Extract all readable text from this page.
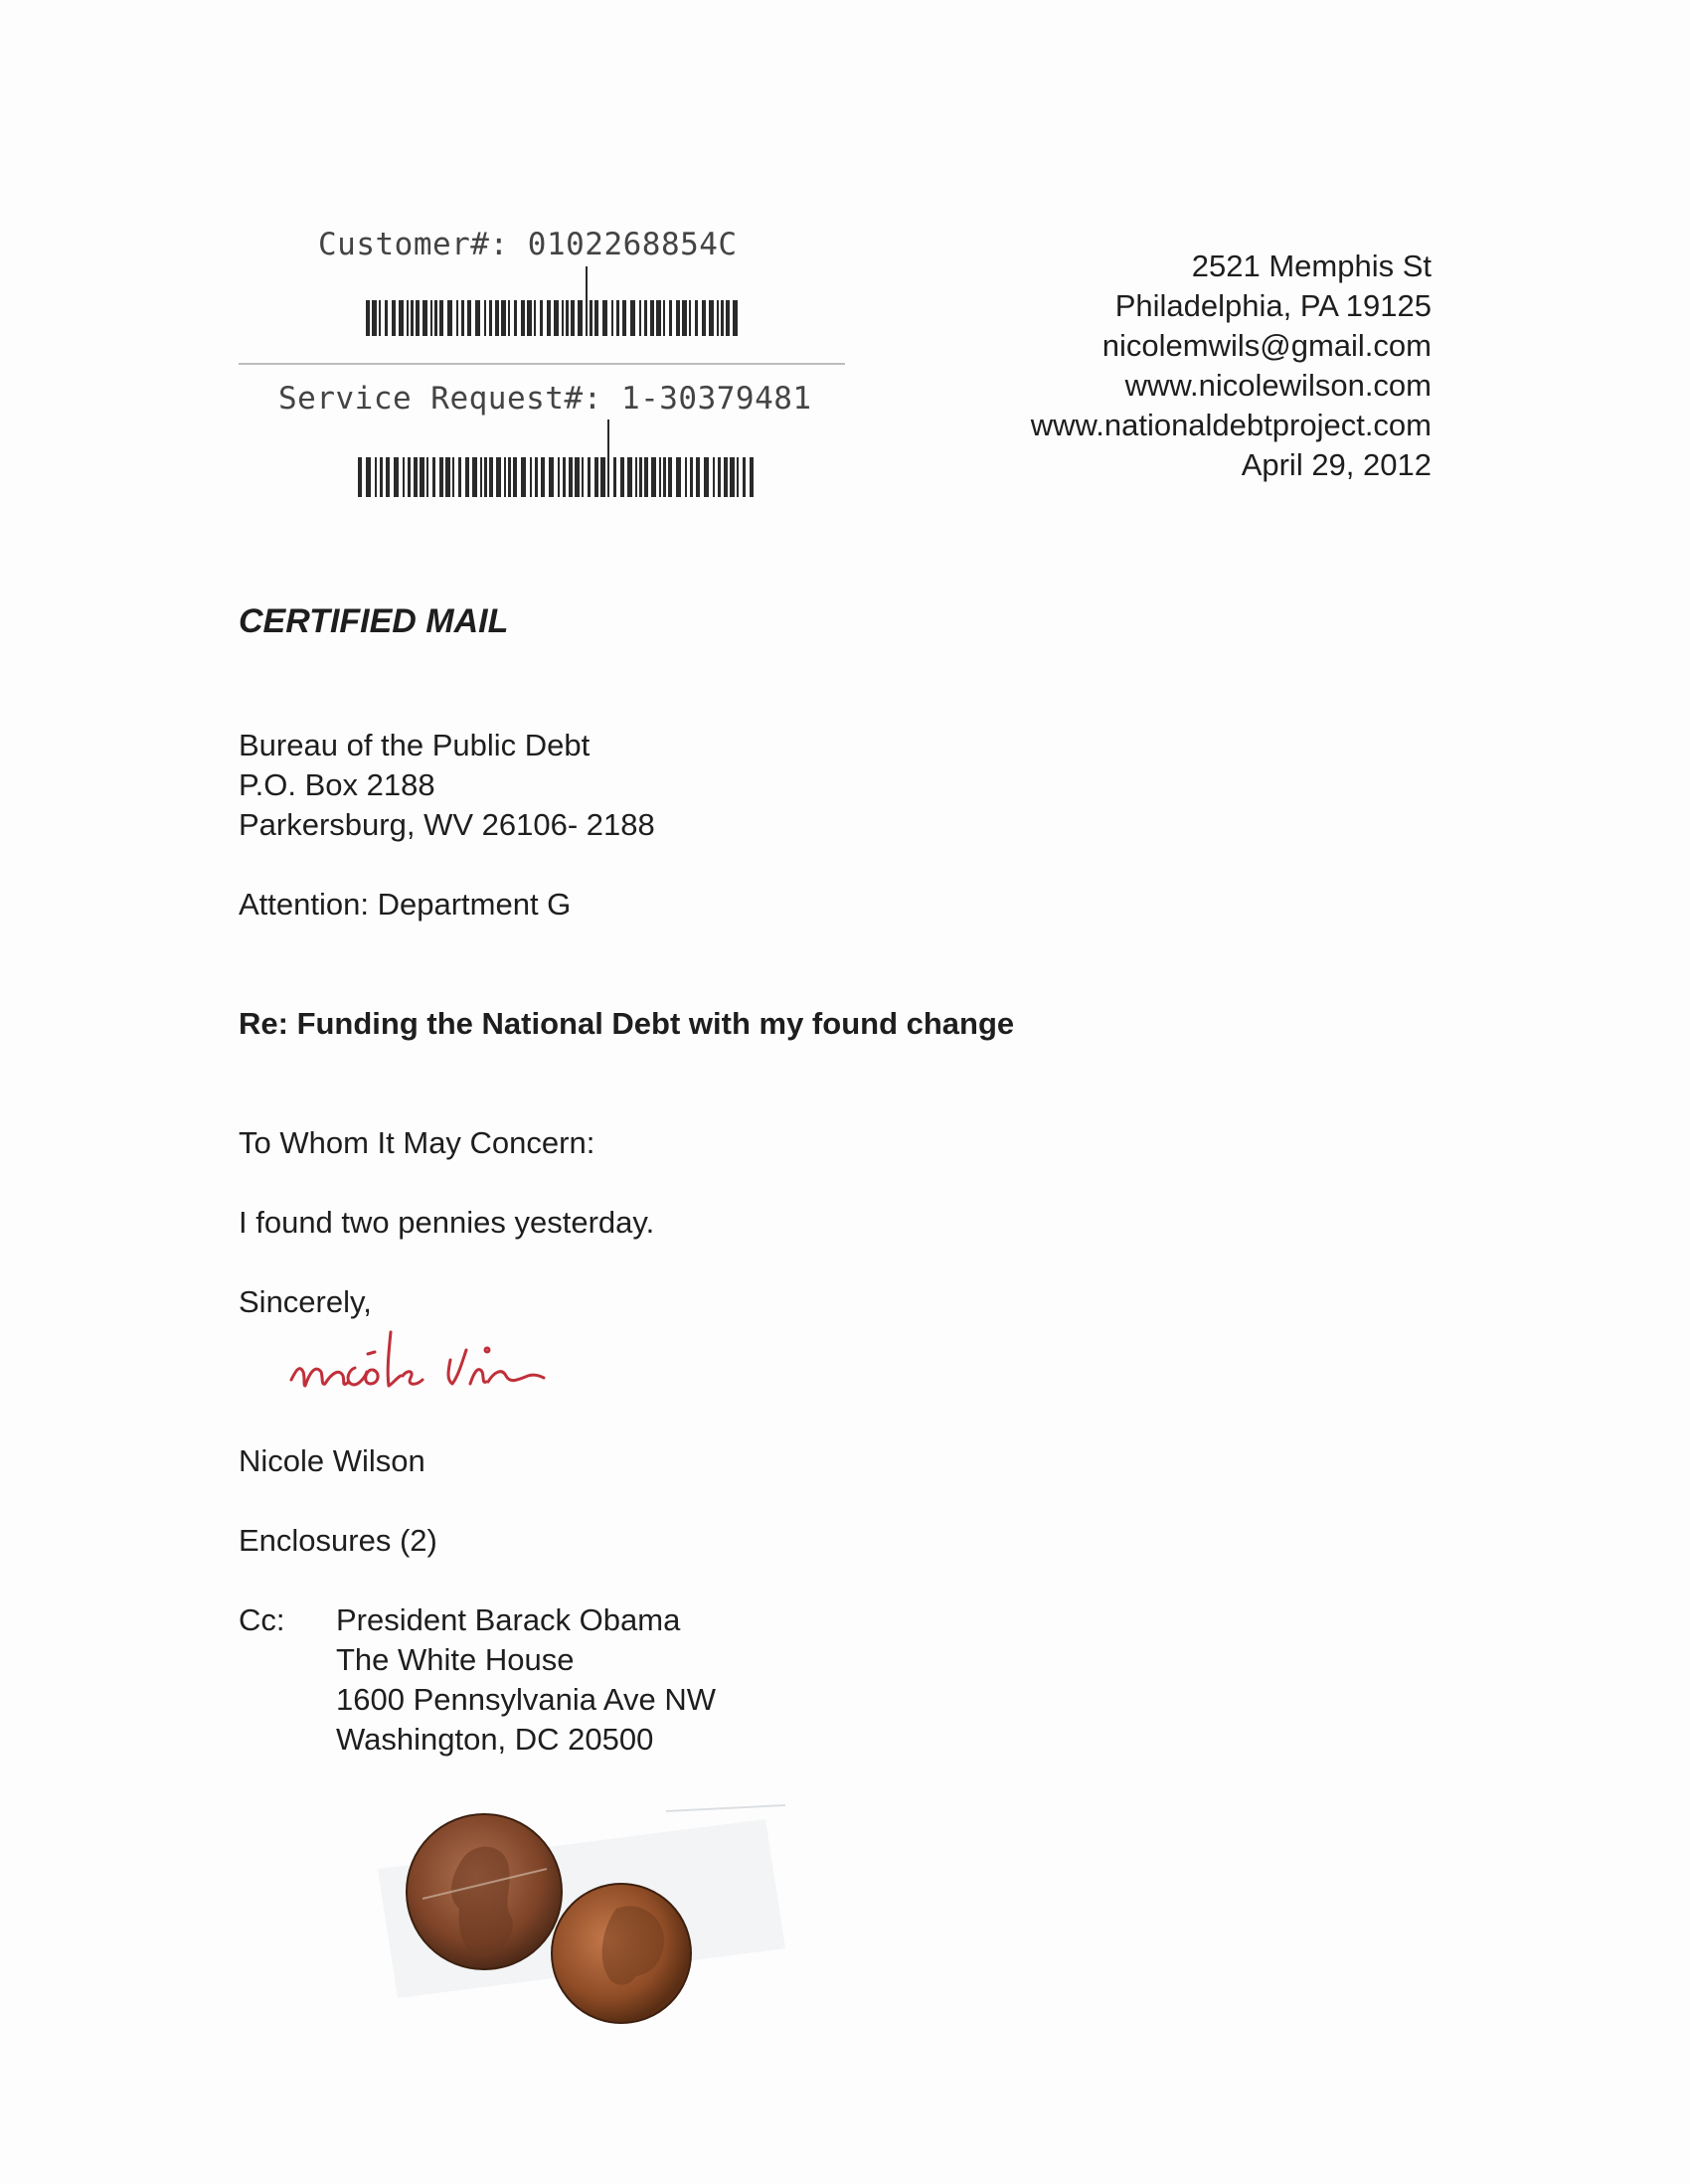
Customer#: 0102268854C
Service Request#: 1-30379481
2521 Memphis St
Philadelphia, PA 19125
nicolemwils@gmail.com
www.nicolewilson.com
www.nationaldebtproject.com
April 29, 2012
CERTIFIED MAIL
Bureau of the Public Debt
P.O. Box 2188
Parkersburg, WV 26106- 2188
Attention: Department G
Re: Funding the National Debt with my found change
To Whom It May Concern:
I found two pennies yesterday.
Sincerely,
Nicole Wilson
Enclosures (2)
Cc: President Barack Obama
The White House
1600 Pennsylvania Ave NW
Washington, DC 20500
